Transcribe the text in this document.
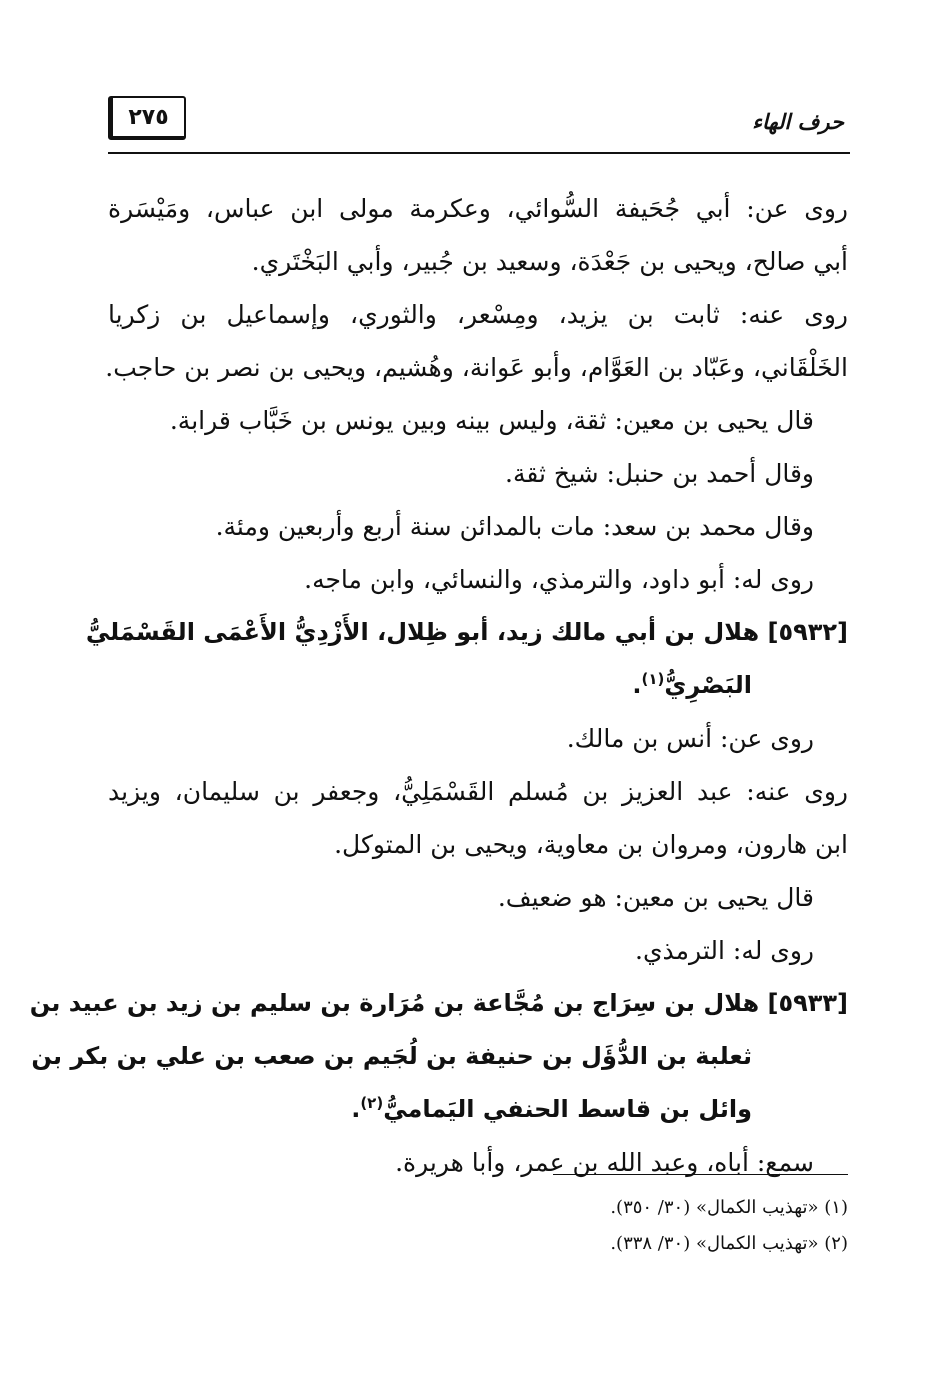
٢٧٥	حرف الهاء
روى عن: أبي جُحَيفة السُّوائي، وعكرمة مولى ابن عباس، ومَيْسَرة
أبي صالح، ويحيى بن جَعْدَة، وسعيد بن جُبير، وأبي البَخْتَري.
روى عنه: ثابت بن يزيد، ومِسْعر، والثوري، وإسماعيل بن زكريا
الخَلْقَاني، وعَبّاد بن العَوَّام، وأبو عَوانة، وهُشيم، ويحيى بن نصر بن حاجب.
قال يحيى بن معين: ثقة، وليس بينه وبين يونس بن خَبَّاب قرابة.
وقال أحمد بن حنبل: شيخ ثقة.
وقال محمد بن سعد: مات بالمدائن سنة أربع وأربعين ومئة.
روى له: أبو داود، والترمذي، والنسائي، وابن ماجه.
[٥٩٣٢] هلال بن أبي مالك زيد، أبو ظِلال، الأَزْدِيُّ الأَعْمَى القَسْمَليُّ
البَصْرِيُّ$^{(١)}$.
روى عن: أنس بن مالك.
روى عنه: عبد العزيز بن مُسلم القَسْمَلِيُّ، وجعفر بن سليمان، ويزيد
ابن هارون، ومروان بن معاوية، ويحيى بن المتوكل.
قال يحيى بن معين: هو ضعيف.
روى له: الترمذي.
[٥٩٣٣] هلال بن سِرَاج بن مُجَّاعة بن مُرَارة بن سليم بن زيد بن عبيد بن
ثعلبة بن الدُّؤَل بن حنيفة بن لُجَيم بن صعب بن علي بن بكر بن
وائل بن قاسط الحنفي اليَماميُّ$^{(٢)}$.
سمع: أباه، وعبد الله بن عمر، وأبا هريرة.
(١) «تهذيب الكمال» (٣٠/ ٣٥٠).
(٢) «تهذيب الكمال» (٣٠/ ٣٣٨).
